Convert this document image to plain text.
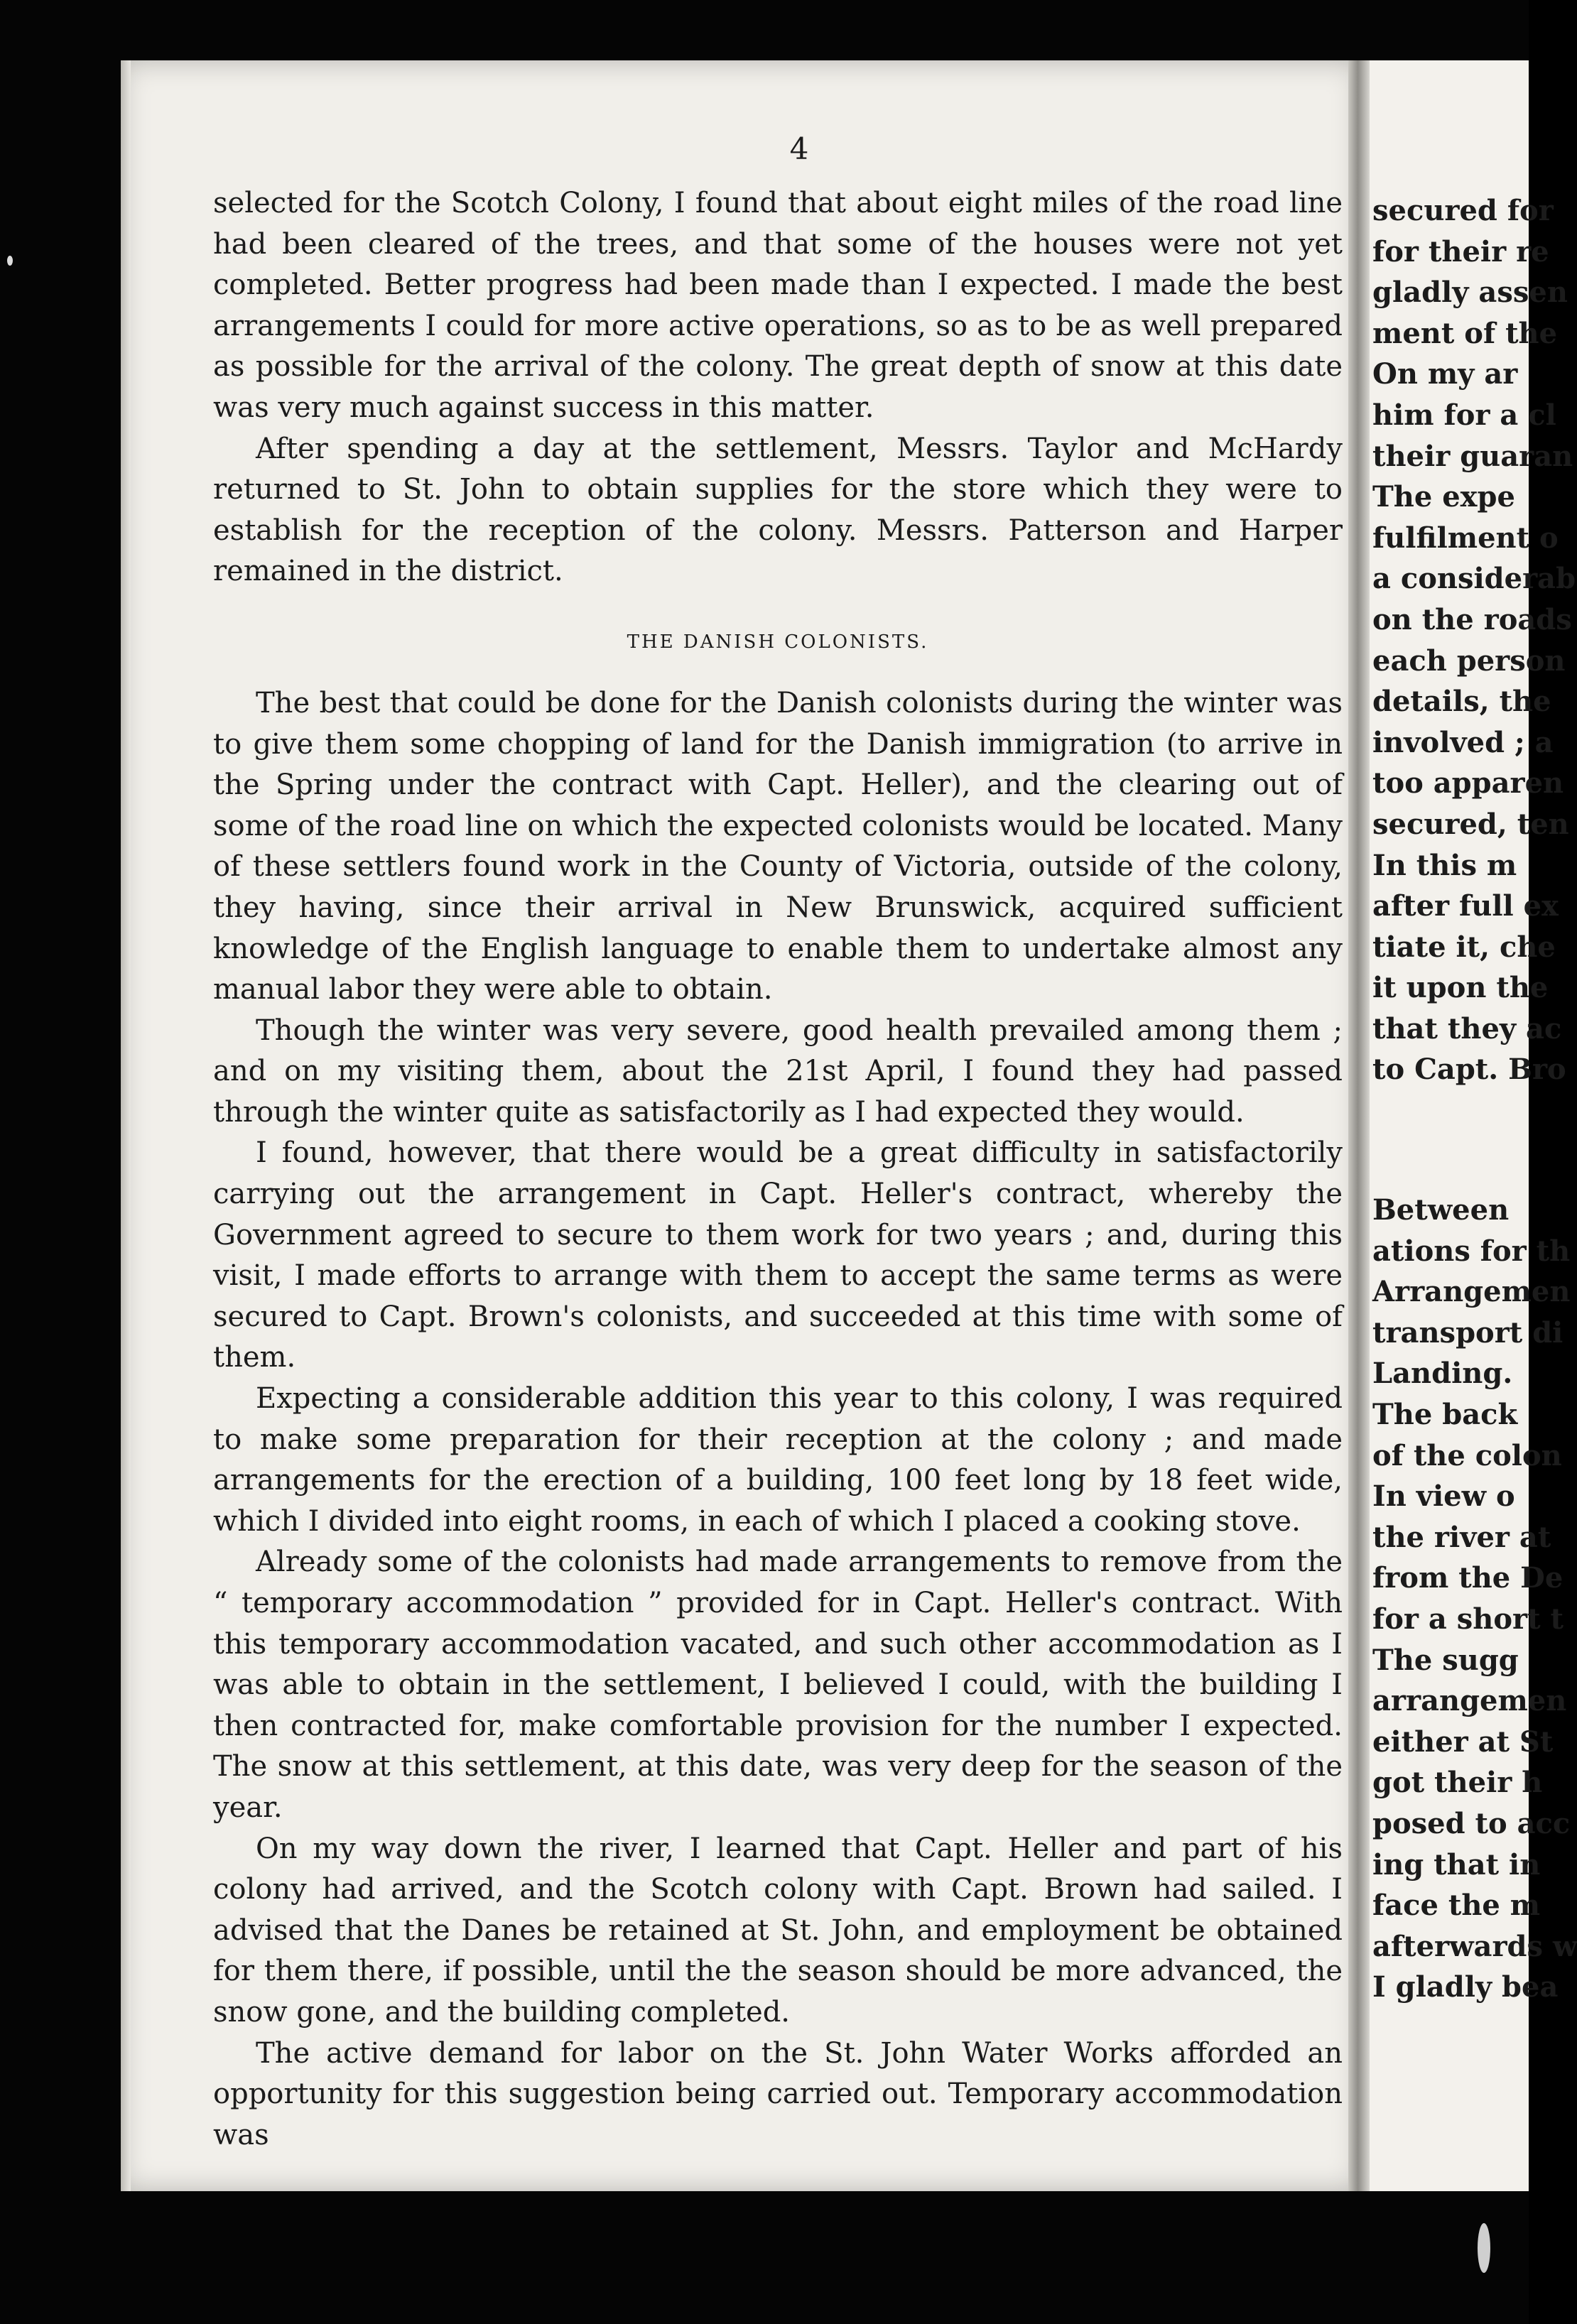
4

selected for the Scotch Colony, I found that about eight miles of the road line had been cleared of the trees, and that some of the houses were not yet completed. Better progress had been made than I expected. I made the best arrangements I could for more active operations, so as to be as well prepared as possible for the arrival of the colony. The great depth of snow at this date was very much against success in this matter.

After spending a day at the settlement, Messrs. Taylor and McHardy returned to St. John to obtain supplies for the store which they were to establish for the reception of the colony. Messrs. Patterson and Harper remained in the district.

THE DANISH COLONISTS.

The best that could be done for the Danish colonists during the winter was to give them some chopping of land for the Danish immigration (to arrive in the Spring under the contract with Capt. Heller), and the clearing out of some of the road line on which the expected colonists would be located. Many of these settlers found work in the County of Victoria, outside of the colony, they having, since their arrival in New Brunswick, acquired sufficient knowledge of the English language to enable them to undertake almost any manual labor they were able to obtain.

Though the winter was very severe, good health prevailed among them ; and on my visiting them, about the 21st April, I found they had passed through the winter quite as satisfactorily as I had expected they would.

I found, however, that there would be a great difficulty in satisfactorily carrying out the arrangement in Capt. Heller's contract, whereby the Government agreed to secure to them work for two years ; and, during this visit, I made efforts to arrange with them to accept the same terms as were secured to Capt. Brown's colonists, and succeeded at this time with some of them.

Expecting a considerable addition this year to this colony, I was required to make some preparation for their reception at the colony ; and made arrangements for the erection of a building, 100 feet long by 18 feet wide, which I divided into eight rooms, in each of which I placed a cooking stove.

Already some of the colonists had made arrangements to remove from the “ temporary accommodation ” provided for in Capt. Heller's contract. With this temporary accommodation vacated, and such other accommodation as I was able to obtain in the settlement, I believed I could, with the building I then contracted for, make comfortable provision for the number I expected. The snow at this settlement, at this date, was very deep for the season of the year.

On my way down the river, I learned that Capt. Heller and part of his colony had arrived, and the Scotch colony with Capt. Brown had sailed. I advised that the Danes be retained at St. John, and employment be obtained for them there, if possible, until the the season should be more advanced, the snow gone, and the building completed.

The active demand for labor on the St. John Water Works afforded an opportunity for this suggestion being carried out. Temporary accommodation was

secured for
for their re
gladly assen
ment of the
On my ar
him for a cl
their guaran
The expe
fulfilment o
a considerab
on the roads
each person
details, the
involved ; a
too apparen
secured, ten
In this m
after full ex
tiate it, che
it upon the
that they ac
to Capt. Bro
Between
ations for th
Arrangemen
transport di
Landing.
The back
of the colon
In view o
the river at
from the De
for a short t
The sugg
arrangemen
either at St
got their h
posed to acc
ing that in
face the m
afterwards w
I gladly bea
